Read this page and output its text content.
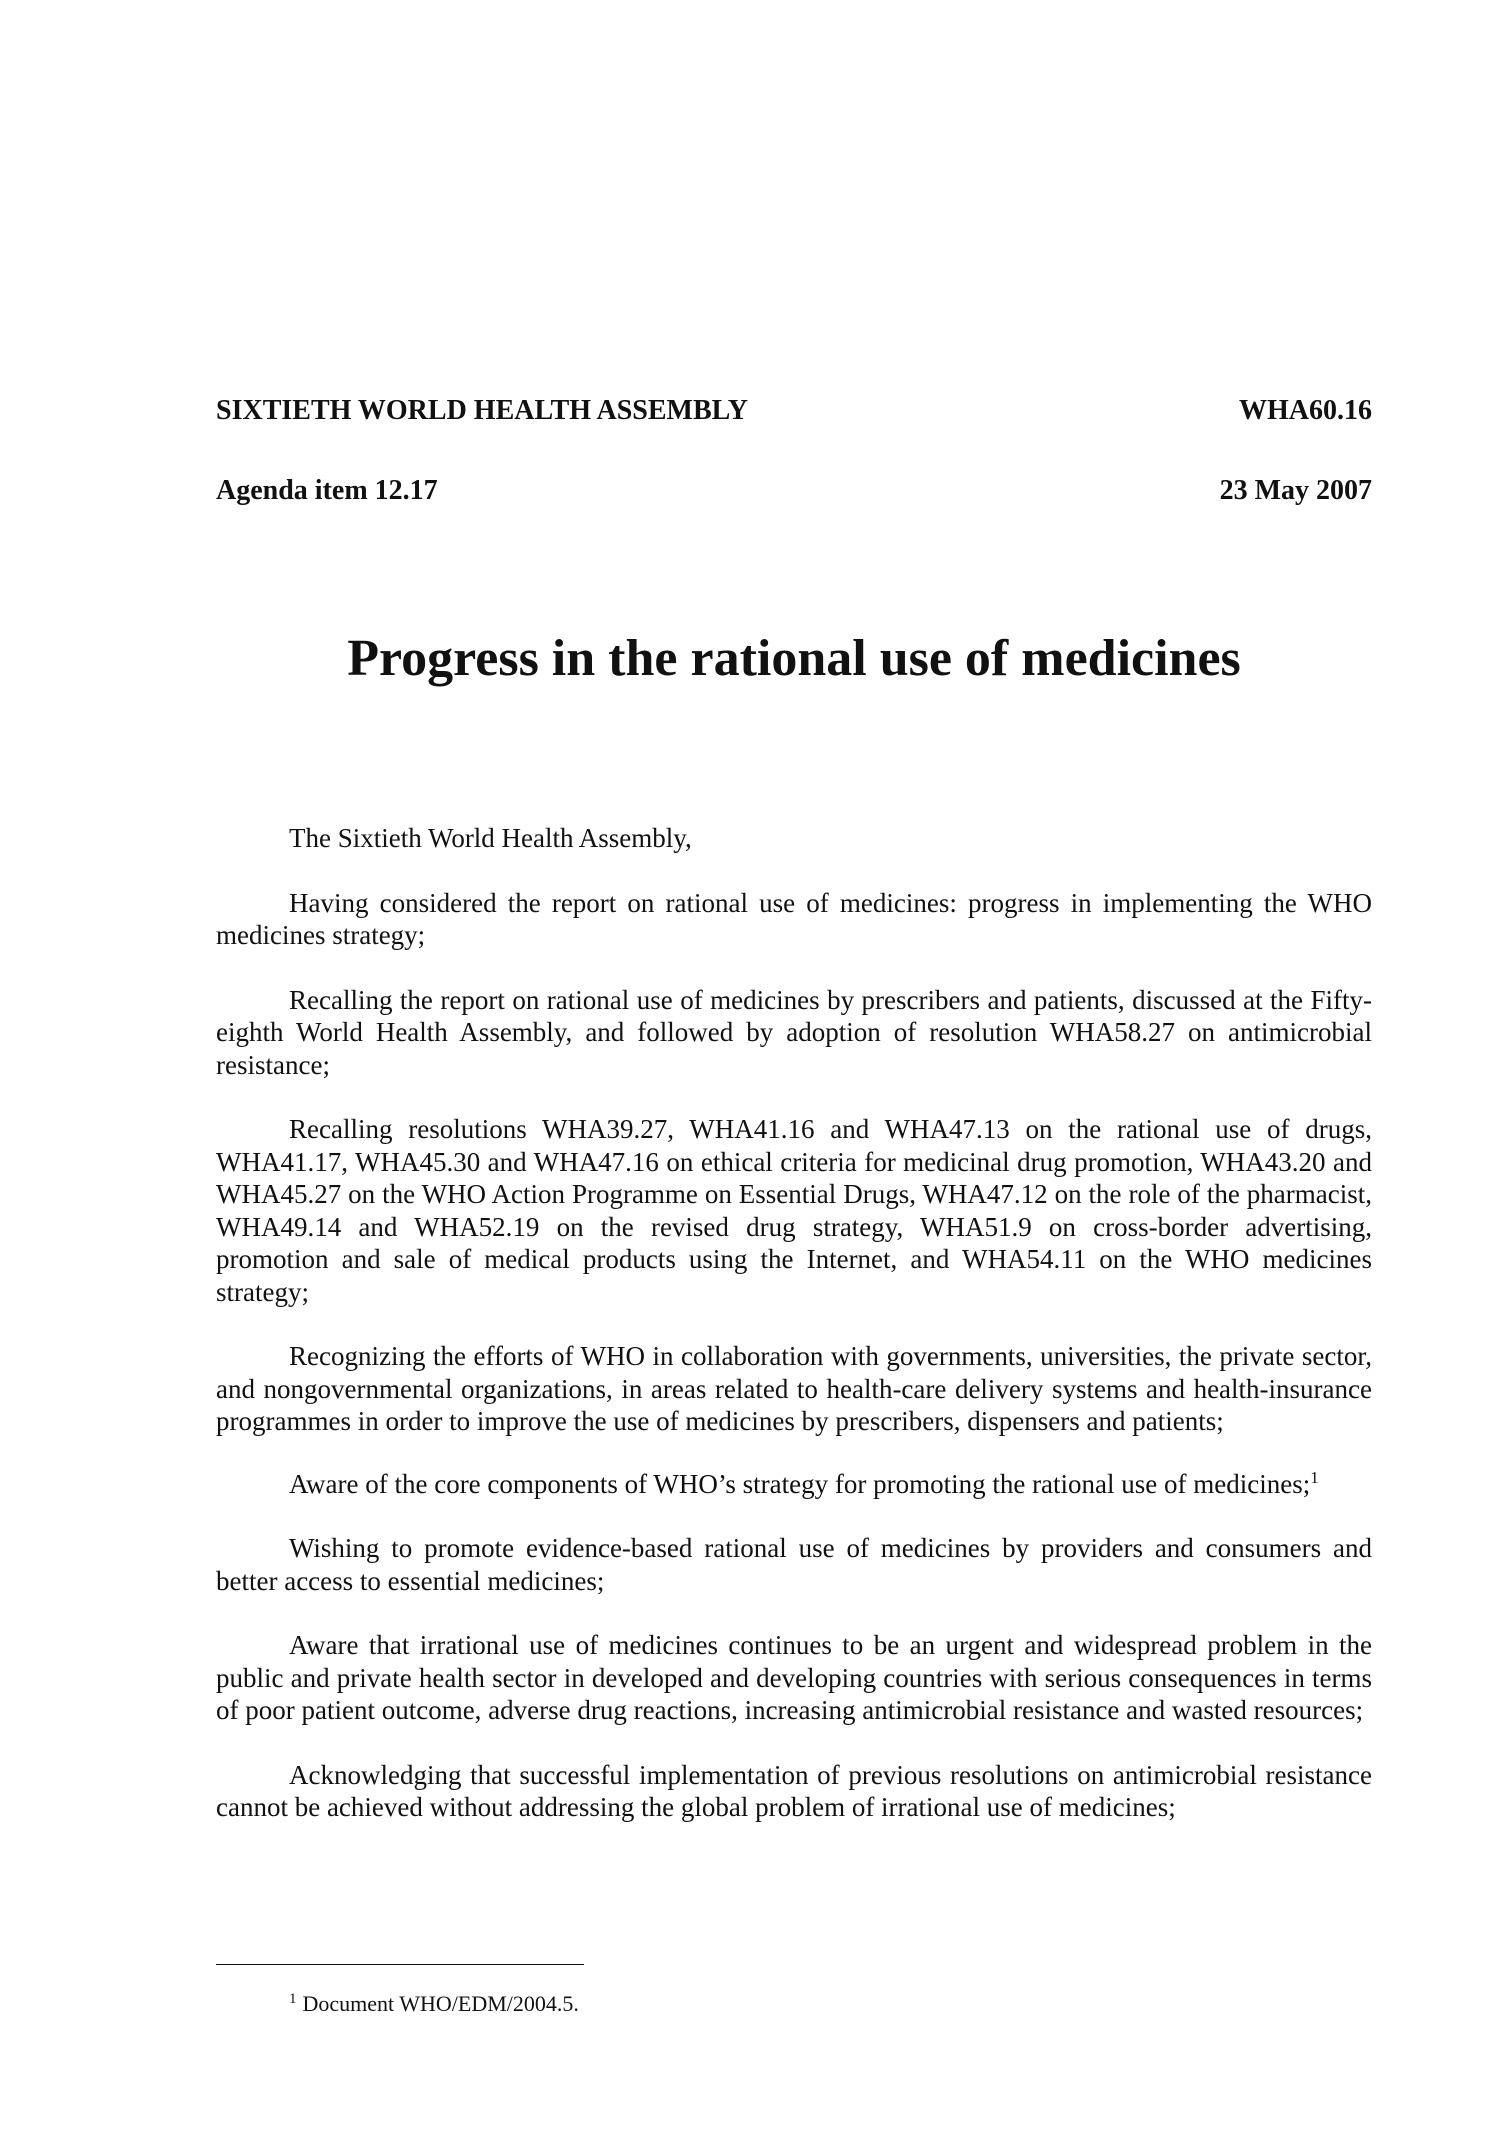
SIXTIETH WORLD HEALTH ASSEMBLY	WHA60.16
Agenda item 12.17	23 May 2007
Progress in the rational use of medicines

The Sixtieth World Health Assembly,

Having considered the report on rational use of medicines: progress in implementing the WHO medicines strategy;

Recalling the report on rational use of medicines by prescribers and patients, discussed at the Fifty-eighth World Health Assembly, and followed by adoption of resolution WHA58.27 on antimicrobial resistance;

Recalling resolutions WHA39.27, WHA41.16 and WHA47.13 on the rational use of drugs, WHA41.17, WHA45.30 and WHA47.16 on ethical criteria for medicinal drug promotion, WHA43.20 and WHA45.27 on the WHO Action Programme on Essential Drugs, WHA47.12 on the role of the pharmacist, WHA49.14 and WHA52.19 on the revised drug strategy, WHA51.9 on cross-border advertising, promotion and sale of medical products using the Internet, and WHA54.11 on the WHO medicines strategy;

Recognizing the efforts of WHO in collaboration with governments, universities, the private sector, and nongovernmental organizations, in areas related to health-care delivery systems and health-insurance programmes in order to improve the use of medicines by prescribers, dispensers and patients;

Aware of the core components of WHO’s strategy for promoting the rational use of medicines;$^1$

Wishing to promote evidence-based rational use of medicines by providers and consumers and better access to essential medicines;

Aware that irrational use of medicines continues to be an urgent and widespread problem in the public and private health sector in developed and developing countries with serious consequences in terms of poor patient outcome, adverse drug reactions, increasing antimicrobial resistance and wasted resources;

Acknowledging that successful implementation of previous resolutions on antimicrobial resistance cannot be achieved without addressing the global problem of irrational use of medicines;

$^1$ Document WHO/EDM/2004.5.
